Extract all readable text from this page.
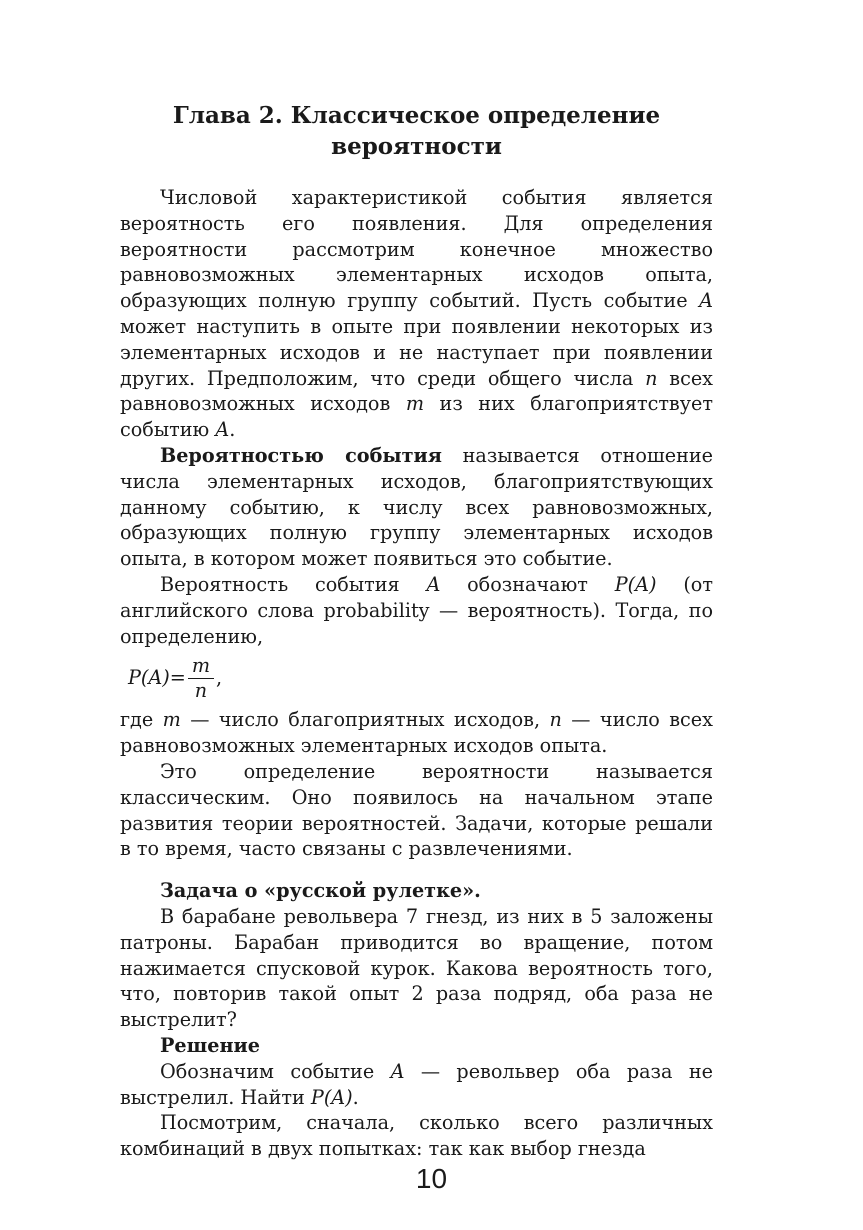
Глава 2. Классическое определение
вероятности

Числовой характеристикой события является вероятность его появления. Для определения вероятности рассмотрим конечное множество равновозможных элементарных исходов опыта, образующих полную группу событий. Пусть событие A может наступить в опыте при появлении некоторых из элементарных исходов и не наступает при появлении других. Предположим, что среди общего числа n всех равновозможных исходов m из них благоприятствует событию A.

Вероятностью события называется отношение числа элементарных исходов, благоприятствующих данному событию, к числу всех равновозможных, образующих полную группу элементарных исходов опыта, в котором может появиться это событие.

Вероятность события A обозначают P(A) (от английского слова probability — вероятность). Тогда, по определению,

$P(A) = \frac{m}{n}$ ,

где m — число благоприятных исходов, n — число всех равновозможных элементарных исходов опыта.

Это определение вероятности называется классическим. Оно появилось на начальном этапе развития теории вероятностей. Задачи, которые решали в то время, часто связаны с развлечениями.

Задача о «русской рулетке».

В барабане револьвера 7 гнезд, из них в 5 заложены патроны. Барабан приводится во вращение, потом нажимается спусковой курок. Какова вероятность того, что, повторив такой опыт 2 раза подряд, оба раза не выстрелит?

Решение

Обозначим событие A — револьвер оба раза не выстрелил. Найти P(A).

Посмотрим, сначала, сколько всего различных комбинаций в двух попытках: так как выбор гнезда

10
